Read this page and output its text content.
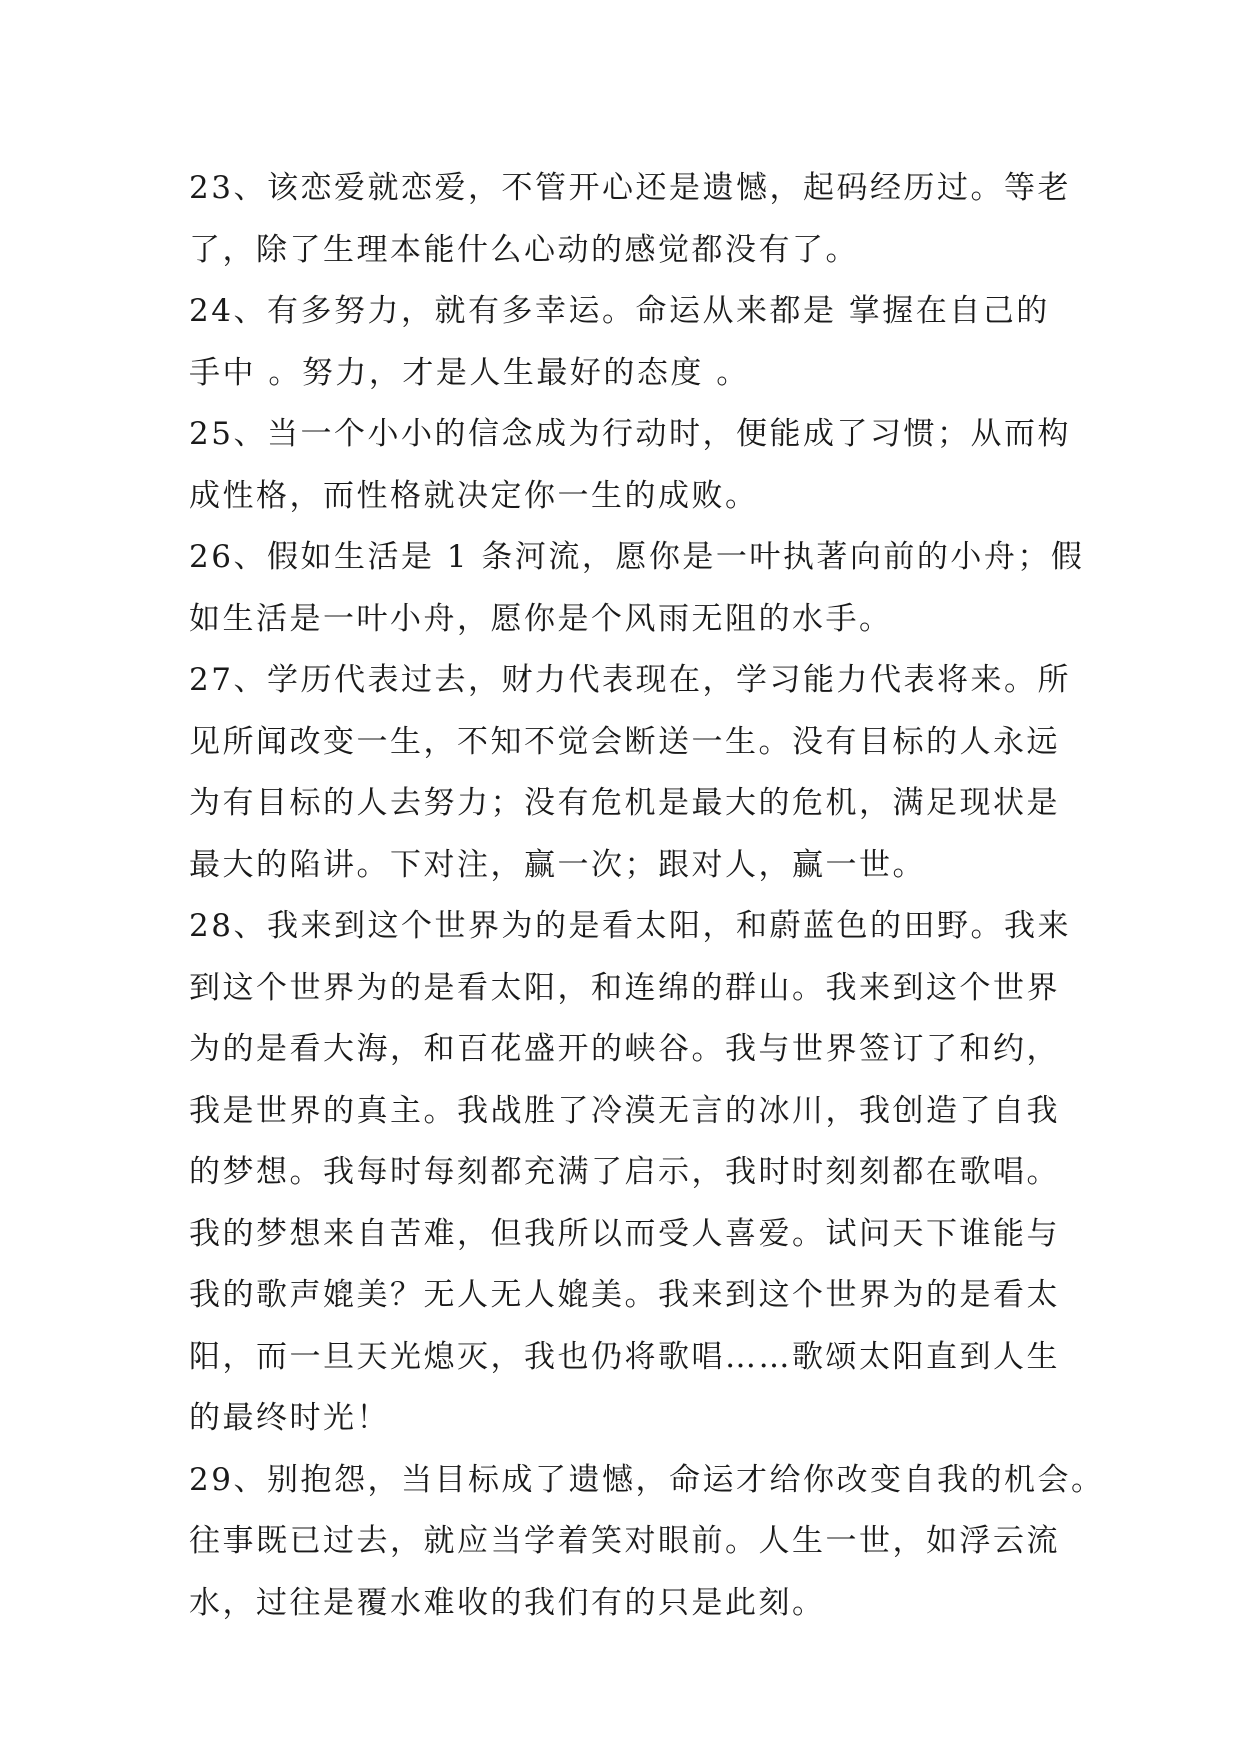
23、该恋爱就恋爱，不管开心还是遗憾，起码经历过。等老
了，除了生理本能什么心动的感觉都没有了。
24、有多努力，就有多幸运。命运从来都是 掌握在自己的
手中 。努力，才是人生最好的态度 。
25、当一个小小的信念成为行动时，便能成了习惯；从而构
成性格，而性格就决定你一生的成败。
26、假如生活是 1 条河流，愿你是一叶执著向前的小舟；假
如生活是一叶小舟，愿你是个风雨无阻的水手。
27、学历代表过去，财力代表现在，学习能力代表将来。所
见所闻改变一生，不知不觉会断送一生。没有目标的人永远
为有目标的人去努力；没有危机是最大的危机，满足现状是
最大的陷讲。下对注，赢一次；跟对人，赢一世。
28、我来到这个世界为的是看太阳，和蔚蓝色的田野。我来
到这个世界为的是看太阳，和连绵的群山。我来到这个世界
为的是看大海，和百花盛开的峡谷。我与世界签订了和约，
我是世界的真主。我战胜了冷漠无言的冰川，我创造了自我
的梦想。我每时每刻都充满了启示，我时时刻刻都在歌唱。
我的梦想来自苦难，但我所以而受人喜爱。试问天下谁能与
我的歌声媲美？无人无人媲美。我来到这个世界为的是看太
阳，而一旦天光熄灭，我也仍将歌唱……歌颂太阳直到人生
的最终时光！
29、别抱怨，当目标成了遗憾，命运才给你改变自我的机会。
往事既已过去，就应当学着笑对眼前。人生一世，如浮云流
水，过往是覆水难收的我们有的只是此刻。
